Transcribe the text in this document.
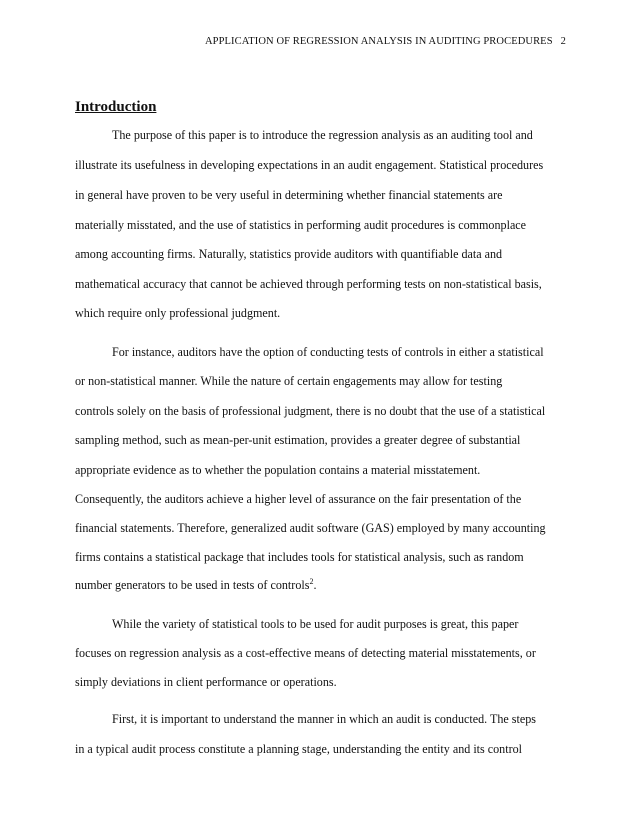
APPLICATION OF REGRESSION ANALYSIS IN AUDITING PROCEDURES 2
Introduction
The purpose of this paper is to introduce the regression analysis as an auditing tool and
illustrate its usefulness in developing expectations in an audit engagement. Statistical procedures
in general have proven to be very useful in determining whether financial statements are
materially misstated, and the use of statistics in performing audit procedures is commonplace
among accounting firms. Naturally, statistics provide auditors with quantifiable data and
mathematical accuracy that cannot be achieved through performing tests on non-statistical basis,
which require only professional judgment.
For instance, auditors have the option of conducting tests of controls in either a statistical
or non-statistical manner. While the nature of certain engagements may allow for testing
controls solely on the basis of professional judgment, there is no doubt that the use of a statistical
sampling method, such as mean-per-unit estimation, provides a greater degree of substantial
appropriate evidence as to whether the population contains a material misstatement.
Consequently, the auditors achieve a higher level of assurance on the fair presentation of the
financial statements. Therefore, generalized audit software (GAS) employed by many accounting
firms contains a statistical package that includes tools for statistical analysis, such as random
number generators to be used in tests of controls$^2$.
While the variety of statistical tools to be used for audit purposes is great, this paper
focuses on regression analysis as a cost-effective means of detecting material misstatements, or
simply deviations in client performance or operations.
First, it is important to understand the manner in which an audit is conducted. The steps
in a typical audit process constitute a planning stage, understanding the entity and its control
